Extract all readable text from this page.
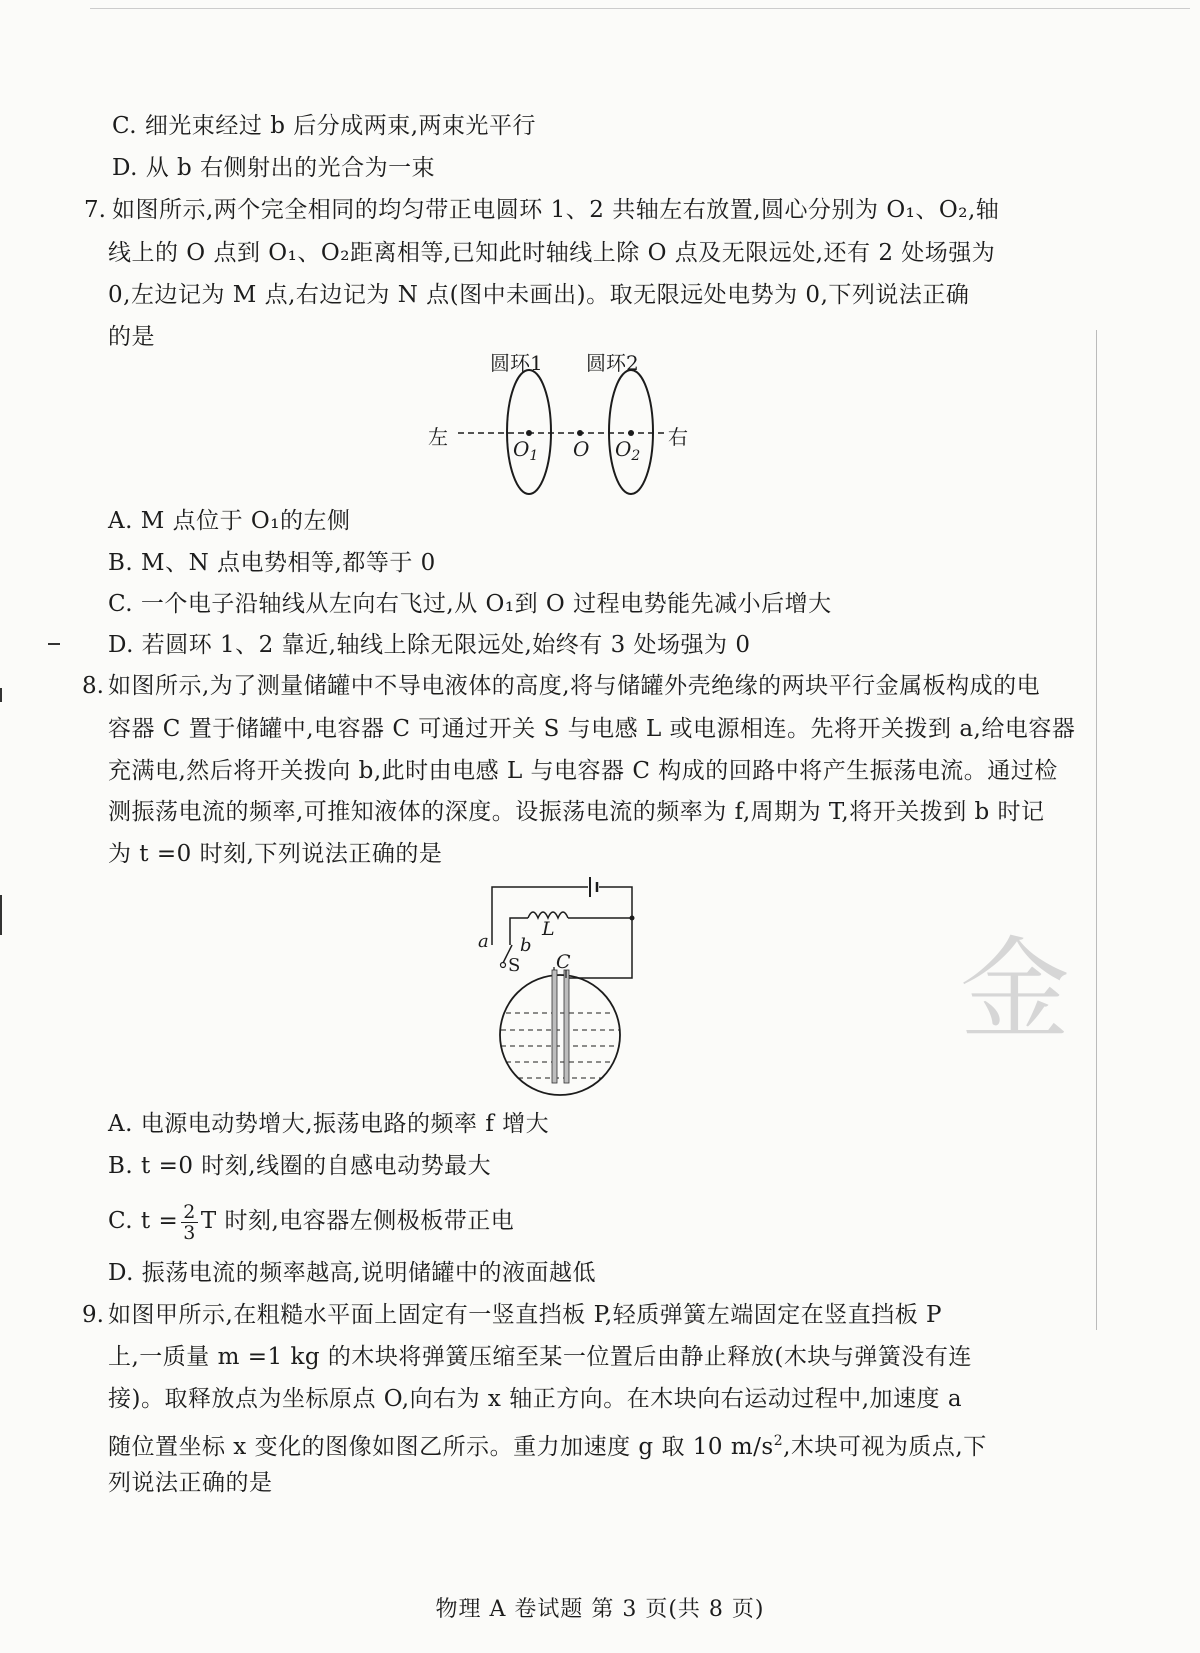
金
C. 细光束经过 b 后分成两束,两束光平行
D. 从 b 右侧射出的光合为一束
7. 如图所示,两个完全相同的均匀带正电圆环 1、2 共轴左右放置,圆心分别为 O₁、O₂,轴
线上的 O 点到 O₁、O₂距离相等,已知此时轴线上除 O 点及无限远处,还有 2 处场强为
0,左边记为 M 点,右边记为 N 点(图中未画出)。取无限远处电势为 0,下列说法正确
的是
圆环1 圆环2
左	右
$O_1$ O $O_2$
A. M 点位于 O₁的左侧
B. M、N 点电势相等,都等于 0
C. 一个电子沿轴线从左向右飞过,从 O₁到 O 过程电势能先减小后增大
D. 若圆环 1、2 靠近,轴线上除无限远处,始终有 3 处场强为 0
8. 如图所示,为了测量储罐中不导电液体的高度,将与储罐外壳绝缘的两块平行金属板构成的电
容器 C 置于储罐中,电容器 C 可通过开关 S 与电感 L 或电源相连。先将开关拨到 a,给电容器
充满电,然后将开关拨向 b,此时由电感 L 与电容器 C 构成的回路中将产生振荡电流。通过检
测振荡电流的频率,可推知液体的深度。设振荡电流的频率为 f,周期为 T,将开关拨到 b 时记
为 t =0 时刻,下列说法正确的是
a b
S
L
C
A. 电源电动势增大,振荡电路的频率 f 增大
B. t =0 时刻,线圈的自感电动势最大
C. $t = \frac{2}{3}$ T 时刻,电容器左侧极板带正电
D. 振荡电流的频率越高,说明储罐中的液面越低
9. 如图甲所示,在粗糙水平面上固定有一竖直挡板 P,轻质弹簧左端固定在竖直挡板 P
上,一质量 m =1 kg 的木块将弹簧压缩至某一位置后由静止释放(木块与弹簧没有连
接)。取释放点为坐标原点 O,向右为 x 轴正方向。在木块向右运动过程中,加速度 a
随位置坐标 x 变化的图像如图乙所示。重力加速度 g 取 10 $m/s^2$,木块可视为质点,下
列说法正确的是
物理 A 卷试题 第 3 页(共 8 页)
